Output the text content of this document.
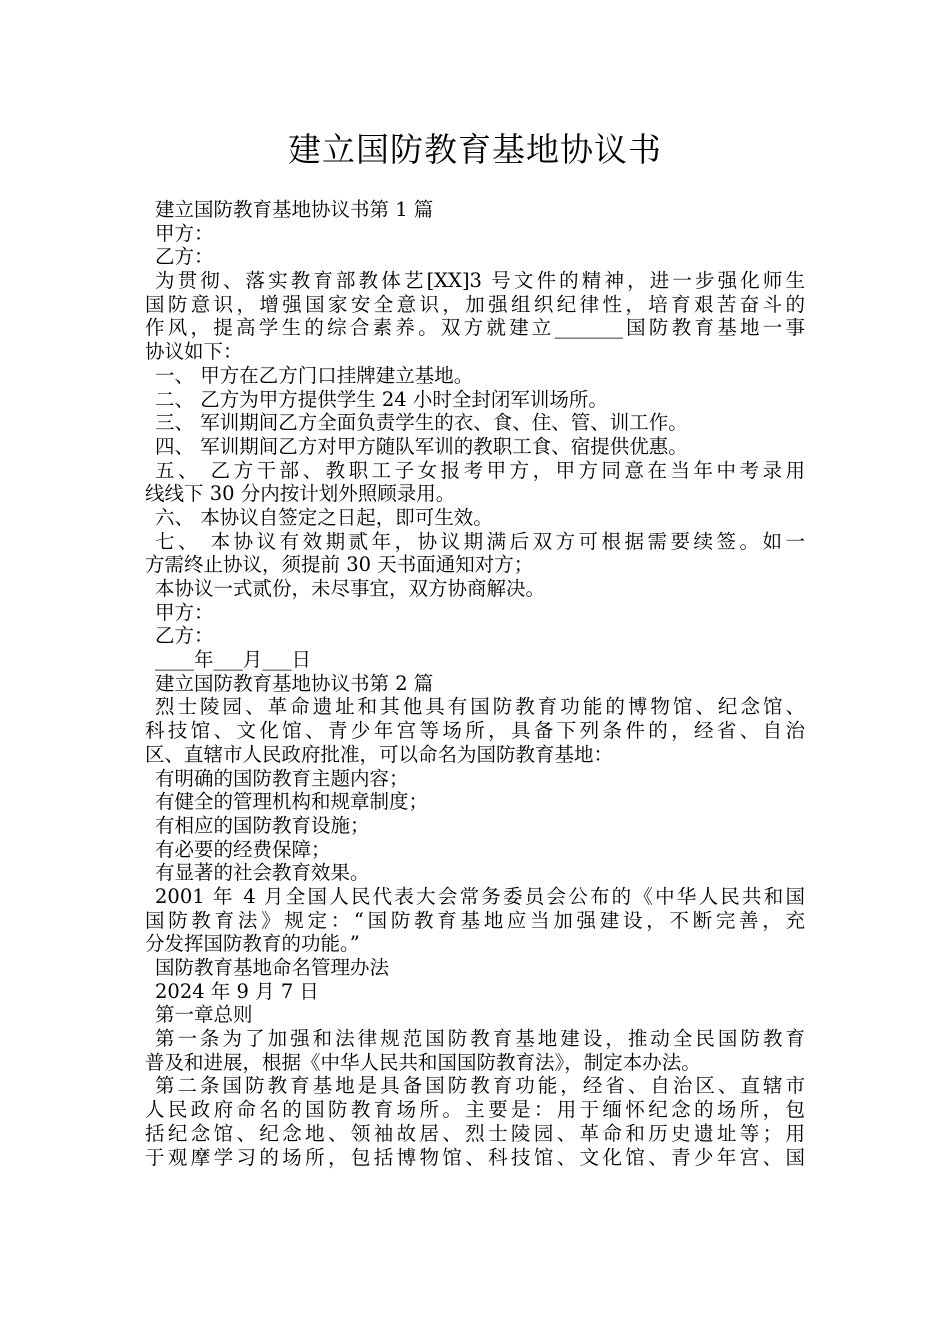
建立国防教育基地协议书
建立国防教育基地协议书第 1 篇
甲方：
乙方：
为贯彻、落实教育部教体艺[XX]3 号文件的精神，进一步强化师生
国防意识，增强国家安全意识，加强组织纪律性，培育艰苦奋斗的
作风，提高学生的综合素养。双方就建立_______国防教育基地一事
协议如下：
一、 甲方在乙方门口挂牌建立基地。
二、 乙方为甲方提供学生 24 小时全封闭军训场所。
三、 军训期间乙方全面负责学生的衣、食、住、管、训工作。
四、 军训期间乙方对甲方随队军训的教职工食、宿提供优惠。
五、 乙方干部、教职工子女报考甲方，甲方同意在当年中考录用
线线下 30 分内按计划外照顾录用。
六、 本协议自签定之日起，即可生效。
七、 本协议有效期贰年，协议期满后双方可根据需要续签。如一
方需终止协议，须提前 30 天书面通知对方；
本协议一式贰份，未尽事宜，双方协商解决。
甲方：
乙方：
____年___月___日
建立国防教育基地协议书第 2 篇
烈士陵园、革命遗址和其他具有国防教育功能的博物馆、纪念馆、
科技馆、文化馆、青少年宫等场所，具备下列条件的，经省、自治
区、直辖市人民政府批准，可以命名为国防教育基地：
有明确的国防教育主题内容；
有健全的管理机构和规章制度；
有相应的国防教育设施；
有必要的经费保障；
有显著的社会教育效果。
2001 年 4 月全国人民代表大会常务委员会公布的《中华人民共和国
国防教育法》规定：“国防教育基地应当加强建设，不断完善，充
分发挥国防教育的功能。”
国防教育基地命名管理办法
2024 年 9 月 7 日
第一章总则
第一条为了加强和法律规范国防教育基地建设，推动全民国防教育
普及和进展，根据《中华人民共和国国防教育法》，制定本办法。
第二条国防教育基地是具备国防教育功能，经省、自治区、直辖市
人民政府命名的国防教育场所。主要是：用于缅怀纪念的场所，包
括纪念馆、纪念地、领袖故居、烈士陵园、革命和历史遗址等；用
于观摩学习的场所，包括博物馆、科技馆、文化馆、青少年宫、国
